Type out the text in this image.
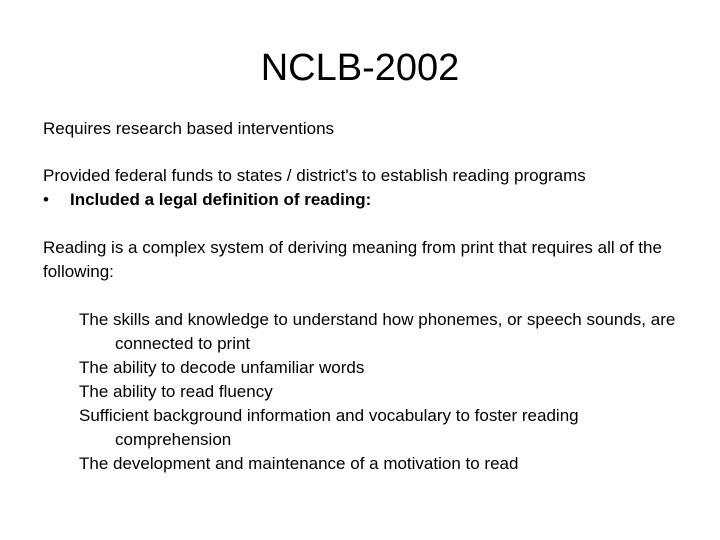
NCLB-2002
Requires research based interventions
Provided federal funds to states / district's to establish reading programs
• Included a legal definition of reading:
Reading is a complex system of deriving meaning from print that requires all of the following:
The skills and knowledge to understand how phonemes, or speech sounds, are connected to print
The ability to decode unfamiliar words
The ability to read fluency
Sufficient background information and vocabulary to foster reading comprehension
The development and maintenance of a motivation to read
